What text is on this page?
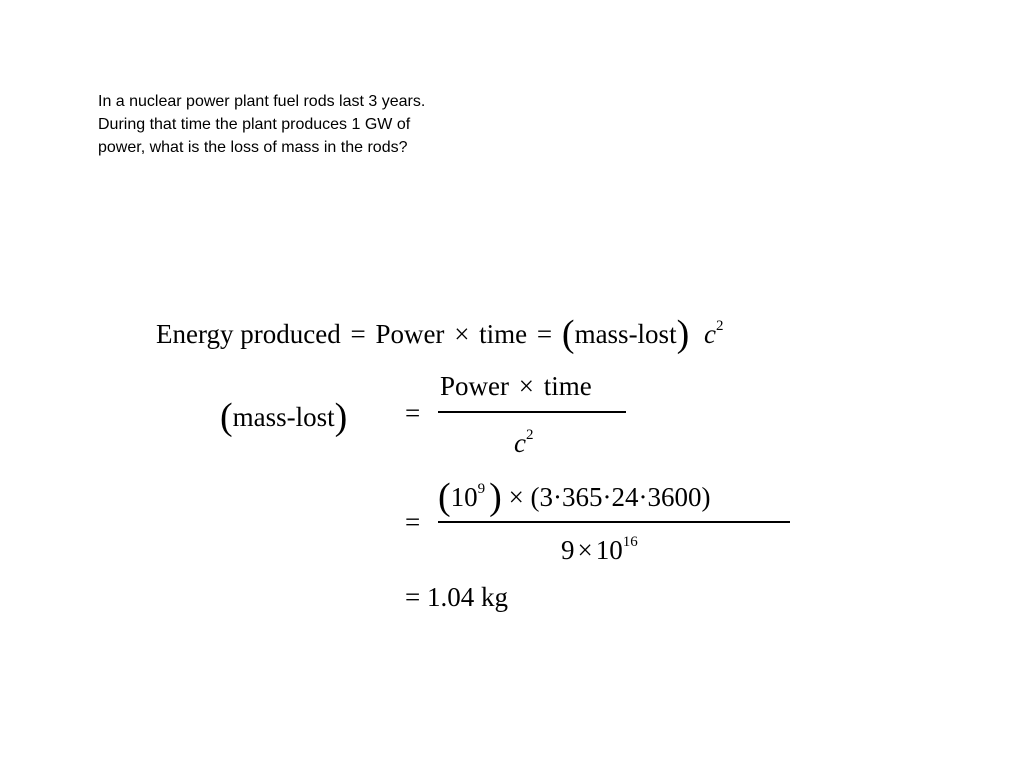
In a nuclear power plant fuel rods last 3 years.
During that time the plant produces 1 GW of
power, what is the loss of mass in the rods?
Energy produced = Power × time = (mass-lost) $c^2$
(mass-lost) =
Power × time
$c^2$
=
($10^9$ ) × (3·365·24·3600)
$9 \times 10^{16}$
= 1.04 kg
